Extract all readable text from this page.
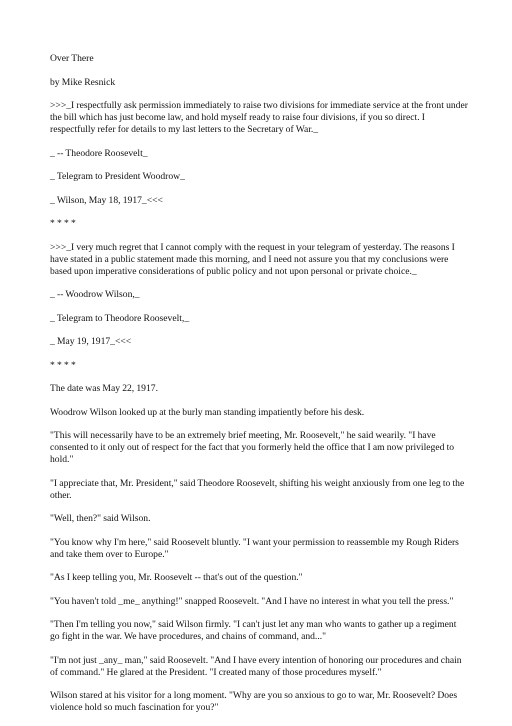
Over There

by Mike Resnick

>>>_I respectfully ask permission immediately to raise two divisions for immediate service at the front under the bill which has just become law, and hold myself ready to raise four divisions, if you so direct. I respectfully refer for details to my last letters to the Secretary of War._

_ -- Theodore Roosevelt_

_ Telegram to President Woodrow_

_ Wilson, May 18, 1917_<<<

* * * *

>>>_I very much regret that I cannot comply with the request in your telegram of yesterday. The reasons I have stated in a public statement made this morning, and I need not assure you that my conclusions were based upon imperative considerations of public policy and not upon personal or private choice._

_ -- Woodrow Wilson,_

_ Telegram to Theodore Roosevelt,_

_ May 19, 1917_<<<

* * * *

The date was May 22, 1917.

Woodrow Wilson looked up at the burly man standing impatiently before his desk.

"This will necessarily have to be an extremely brief meeting, Mr. Roosevelt," he said wearily. "I have consented to it only out of respect for the fact that you formerly held the office that I am now privileged to hold."

"I appreciate that, Mr. President," said Theodore Roosevelt, shifting his weight anxiously from one leg to the other.

"Well, then?" said Wilson.

"You know why I'm here," said Roosevelt bluntly. "I want your permission to reassemble my Rough Riders and take them over to Europe."

"As I keep telling you, Mr. Roosevelt -- that's out of the question."

"You haven't told _me_ anything!" snapped Roosevelt. "And I have no interest in what you tell the press."

"Then I'm telling you now," said Wilson firmly. "I can't just let any man who wants to gather up a regiment go fight in the war. We have procedures, and chains of command, and..."

"I'm not just _any_ man," said Roosevelt. "And I have every intention of honoring our procedures and chain of command." He glared at the President. "I created many of those procedures myself."

Wilson stared at his visitor for a long moment. "Why are you so anxious to go to war, Mr. Roosevelt? Does violence hold so much fascination for you?"
